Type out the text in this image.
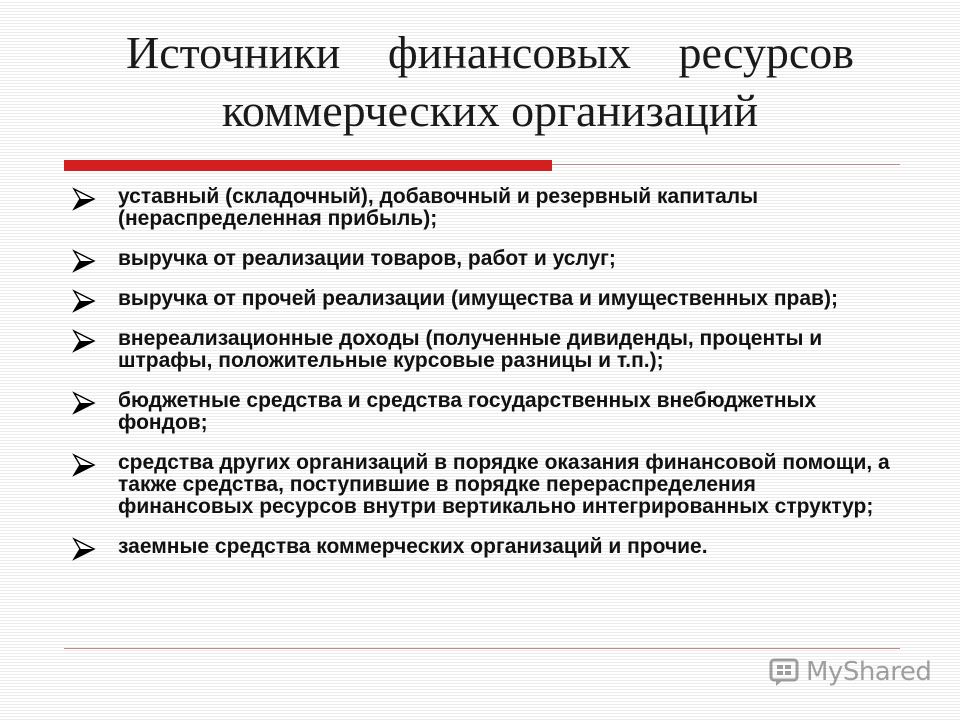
Источники финансовых ресурсов
коммерческих организаций
уставный (складочный), добавочный и резервный капиталы (нераспределенная прибыль);
выручка от реализации товаров, работ и услуг;
выручка от прочей реализации (имущества и имущественных прав);
внереализационные доходы (полученные дивиденды, проценты и штрафы, положительные курсовые разницы и т.п.);
бюджетные средства и средства государственных внебюджетных фондов;
средства других организаций в порядке оказания финансовой помощи, а также средства, поступившие в порядке перераспределения финансовых ресурсов внутри вертикально интегрированных структур;
заемные средства коммерческих организаций и прочие.
MyShared
